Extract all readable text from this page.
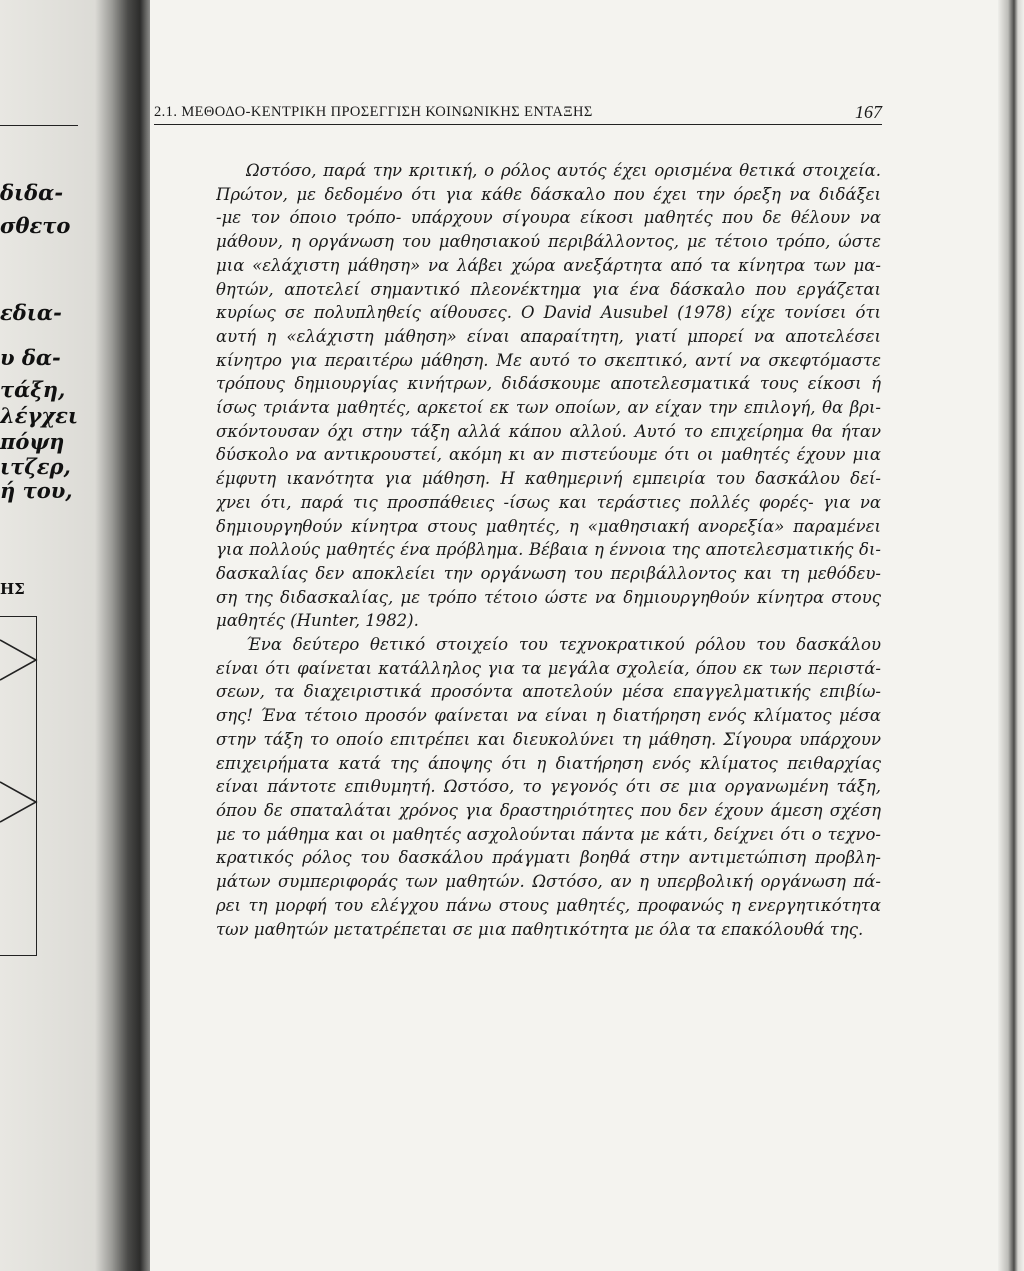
διδα-
σθετο
εδια-
υ δα-
τάξη,
λέγχει
πόψη
ιτζερ,
ή του,
ΗΣ
2.1. ΜΕΘΟΔΟ-ΚΕΝΤΡΙΚΗ ΠΡΟΣΕΓΓΙΣΗ ΚΟΙΝΩΝΙΚΗΣ ΕΝΤΑΞΗΣ	167
Ωστόσο, παρά την κριτική, ο ρόλος αυτός έχει ορισμένα θετικά στοιχεία.
Πρώτον, με δεδομένο ότι για κάθε δάσκαλο που έχει την όρεξη να διδάξει
-με τον όποιο τρόπο- υπάρχουν σίγουρα είκοσι μαθητές που δε θέλουν να
μάθουν, η οργάνωση του μαθησιακού περιβάλλοντος, με τέτοιο τρόπο, ώστε
μια «ελάχιστη μάθηση» να λάβει χώρα ανεξάρτητα από τα κίνητρα των μα-
θητών, αποτελεί σημαντικό πλεονέκτημα για ένα δάσκαλο που εργάζεται
κυρίως σε πολυπληθείς αίθουσες. Ο David Ausubel (1978) είχε τονίσει ότι
αυτή η «ελάχιστη μάθηση» είναι απαραίτητη, γιατί μπορεί να αποτελέσει
κίνητρο για περαιτέρω μάθηση. Με αυτό το σκεπτικό, αντί να σκεφτόμαστε
τρόπους δημιουργίας κινήτρων, διδάσκουμε αποτελεσματικά τους είκοσι ή
ίσως τριάντα μαθητές, αρκετοί εκ των οποίων, αν είχαν την επιλογή, θα βρι-
σκόντουσαν όχι στην τάξη αλλά κάπου αλλού. Αυτό το επιχείρημα θα ήταν
δύσκολο να αντικρουστεί, ακόμη κι αν πιστεύουμε ότι οι μαθητές έχουν μια
έμφυτη ικανότητα για μάθηση. Η καθημερινή εμπειρία του δασκάλου δεί-
χνει ότι, παρά τις προσπάθειες -ίσως και τεράστιες πολλές φορές- για να
δημιουργηθούν κίνητρα στους μαθητές, η «μαθησιακή ανορεξία» παραμένει
για πολλούς μαθητές ένα πρόβλημα. Βέβαια η έννοια της αποτελεσματικής δι-
δασκαλίας δεν αποκλείει την οργάνωση του περιβάλλοντος και τη μεθόδευ-
ση της διδασκαλίας, με τρόπο τέτοιο ώστε να δημιουργηθούν κίνητρα στους
μαθητές (Hunter, 1982).
Ένα δεύτερο θετικό στοιχείο του τεχνοκρατικού ρόλου του δασκάλου
είναι ότι φαίνεται κατάλληλος για τα μεγάλα σχολεία, όπου εκ των περιστά-
σεων, τα διαχειριστικά προσόντα αποτελούν μέσα επαγγελματικής επιβίω-
σης! Ένα τέτοιο προσόν φαίνεται να είναι η διατήρηση ενός κλίματος μέσα
στην τάξη το οποίο επιτρέπει και διευκολύνει τη μάθηση. Σίγουρα υπάρχουν
επιχειρήματα κατά της άποψης ότι η διατήρηση ενός κλίματος πειθαρχίας
είναι πάντοτε επιθυμητή. Ωστόσο, το γεγονός ότι σε μια οργανωμένη τάξη,
όπου δε σπαταλάται χρόνος για δραστηριότητες που δεν έχουν άμεση σχέση
με το μάθημα και οι μαθητές ασχολούνται πάντα με κάτι, δείχνει ότι ο τεχνο-
κρατικός ρόλος του δασκάλου πράγματι βοηθά στην αντιμετώπιση προβλη-
μάτων συμπεριφοράς των μαθητών. Ωστόσο, αν η υπερβολική οργάνωση πά-
ρει τη μορφή του ελέγχου πάνω στους μαθητές, προφανώς η ενεργητικότητα
των μαθητών μετατρέπεται σε μια παθητικότητα με όλα τα επακόλουθά της.
